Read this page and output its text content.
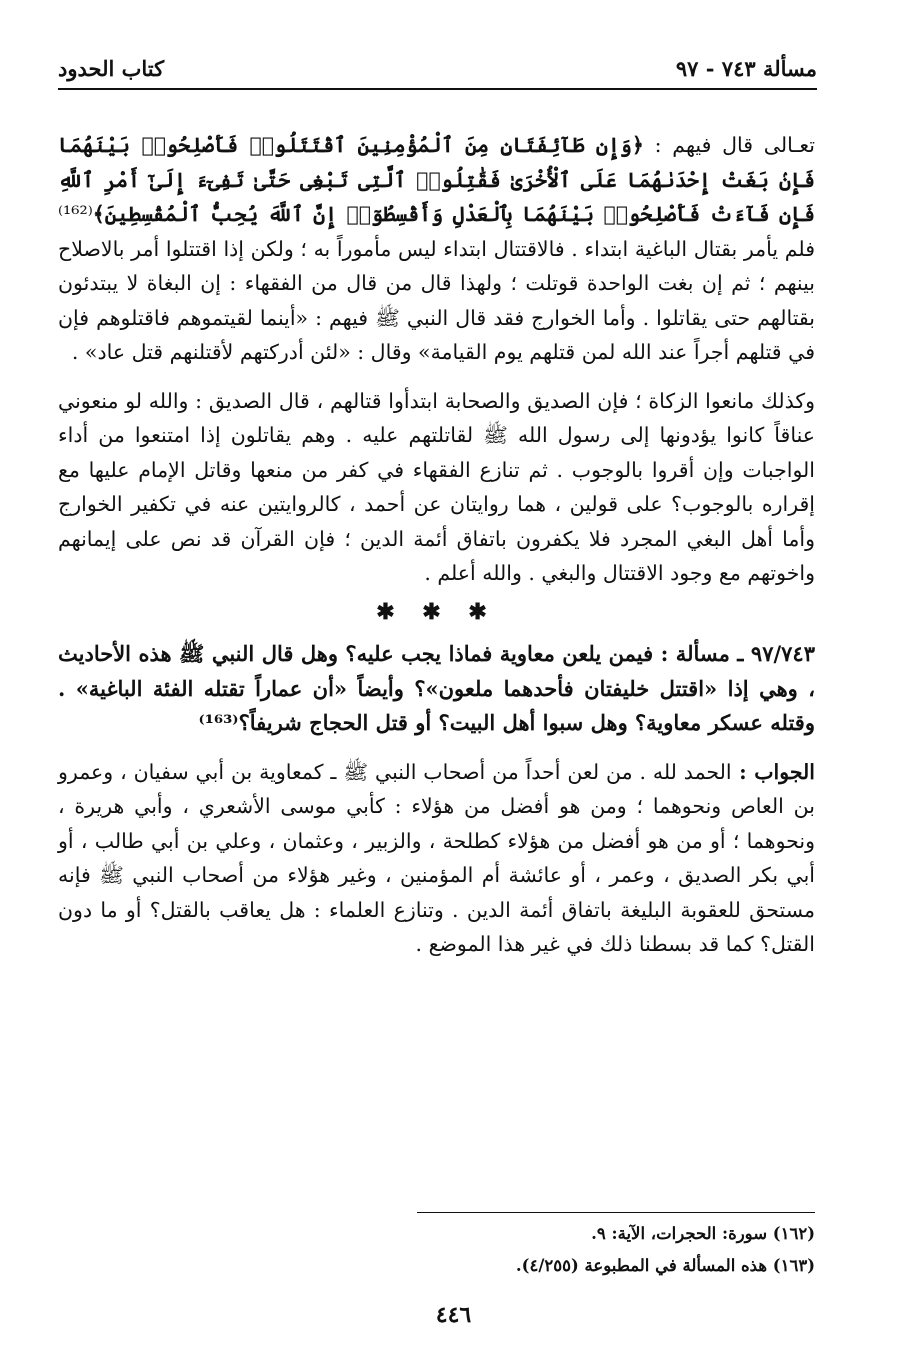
مسألة ٧٤٣ - ٩٧
كتاب الحدود

تعـالى قال فيهم : ﴿وَإِن طَآئِفَتَانِ مِنَ ٱلْمُؤْمِنِينَ ٱقْتَتَلُوا۟ فَأَصْلِحُوا۟ بَيْنَهُمَا فَإِنۢ بَغَتْ إِحْدَىٰهُمَا عَلَى ٱلْأُخْرَىٰ فَقَٰتِلُوا۟ ٱلَّتِى تَبْغِى حَتَّىٰ تَفِىٓءَ إِلَىٰٓ أَمْرِ ٱللَّهِ فَإِن فَآءَتْ فَأَصْلِحُوا۟ بَيْنَهُمَا بِٱلْعَدْلِ وَأَقْسِطُوٓا۟ إِنَّ ٱللَّهَ يُحِبُّ ٱلْمُقْسِطِينَ﴾⁽¹⁶²⁾ فلم يأمر بقتال الباغية ابتداء . فالاقتتال ابتداء ليس مأموراً به ؛ ولكن إذا اقتتلوا أمر بالاصلاح بينهم ؛ ثم إن بغت الواحدة قوتلت ؛ ولهذا قال من قال من الفقهاء : إن البغاة لا يبتدئون بقتالهم حتى يقاتلوا . وأما الخوارج فقد قال النبي ﷺ فيهم : «أينما لقيتموهم فاقتلوهم فإن في قتلهم أجراً عند الله لمن قتلهم يوم القيامة» وقال : «لئن أدركتهم لأقتلنهم قتل عاد» .

وكذلك مانعوا الزكاة ؛ فإن الصديق والصحابة ابتدأوا قتالهم ، قال الصديق : والله لو منعوني عناقاً كانوا يؤدونها إلى رسول الله ﷺ لقاتلتهم عليه . وهم يقاتلون إذا امتنعوا من أداء الواجبات وإن أقروا بالوجوب . ثم تنازع الفقهاء في كفر من منعها وقاتل الإمام عليها مع إقراره بالوجوب؟ على قولين ، هما روايتان عن أحمد ، كالروايتين عنه في تكفير الخوارج وأما أهل البغي المجرد فلا يكفرون باتفاق أئمة الدين ؛ فإن القرآن قد نص على إيمانهم واخوتهم مع وجود الاقتتال والبغي . والله أعلم .

✱ ✱ ✱

٩٧/٧٤٣ ـ مسألة : فيمن يلعن معاوية فماذا يجب عليه؟ وهل قال النبي ﷺ هذه الأحاديث ، وهي إذا «اقتتل خليفتان فأحدهما ملعون»؟ وأيضاً «أن عماراً تقتله الفئة الباغية» . وقتله عسكر معاوية؟ وهل سبوا أهل البيت؟ أو قتل الحجاج شريفاً؟⁽¹⁶³⁾

الجواب : الحمد لله . من لعن أحداً من أصحاب النبي ﷺ ـ كمعاوية بن أبي سفيان ، وعمرو بن العاص ونحوهما ؛ ومن هو أفضل من هؤلاء : كأبي موسى الأشعري ، وأبي هريرة ، ونحوهما ؛ أو من هو أفضل من هؤلاء كطلحة ، والزبير ، وعثمان ، وعلي بن أبي طالب ، أو أبي بكر الصديق ، وعمر ، أو عائشة أم المؤمنين ، وغير هؤلاء من أصحاب النبي ﷺ فإنه مستحق للعقوبة البليغة باتفاق أئمة الدين . وتنازع العلماء : هل يعاقب بالقتل؟ أو ما دون القتل؟ كما قد بسطنا ذلك في غير هذا الموضع .

(١٦٢) سورة: الحجرات، الآية: ٩.

(١٦٣) هذه المسألة في المطبوعة (٤/٢٥٥).

٤٤٦
